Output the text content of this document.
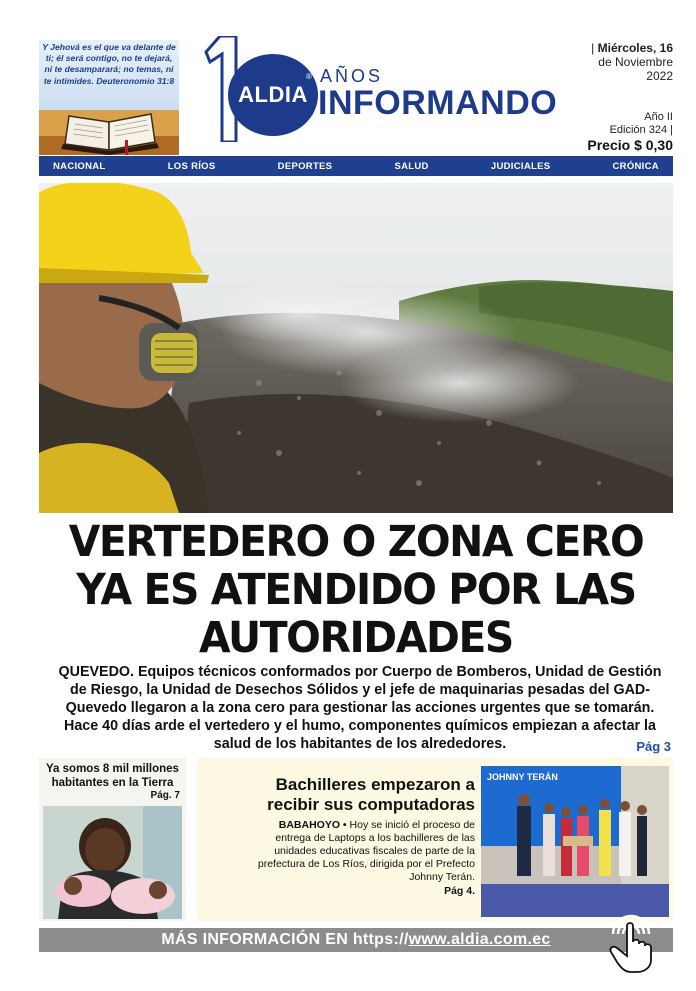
Y Jehová es el que va delante de ti; él será contigo, no te dejará, ni te desamparará; no temas, ni te intimides. Deuteronomio 31:8
ALDIA
® AÑOS
INFORMANDO
| Miércoles, 16
de Noviembre
2022
Año II
Edición 324 |
Precio $ 0,30
NACIONAL	LOS RÍOS	DEPORTES	SALUD	JUDICIALES	CRÓNICA
VERTEDERO O ZONA CERO YA ES ATENDIDO POR LAS AUTORIDADES
QUEVEDO. Equipos técnicos conformados por Cuerpo de Bomberos, Unidad de Gestión de Riesgo, la Unidad de Desechos Sólidos y el jefe de maquinarias pesadas del GAD-Quevedo llegaron a la zona cero para gestionar las acciones urgentes que se tomarán. Hace 40 días arde el vertedero y el humo, componentes químicos empiezan a afectar la salud de los habitantes de los alrededores.	Pág 3
Ya somos 8 mil millones habitantes en la Tierra
Pág. 7
Bachilleres empezaron a recibir sus computadoras
BABAHOYO • Hoy se inició el proceso de entrega de Laptops a los bachilleres de las unidades educativas fiscales de parte de la prefectura de Los Ríos, dirigida por el Prefecto Johnny Terán.
Pág 4.
JOHNNY TERÁN
MÁS INFORMACIÓN EN https://www.aldia.com.ec
